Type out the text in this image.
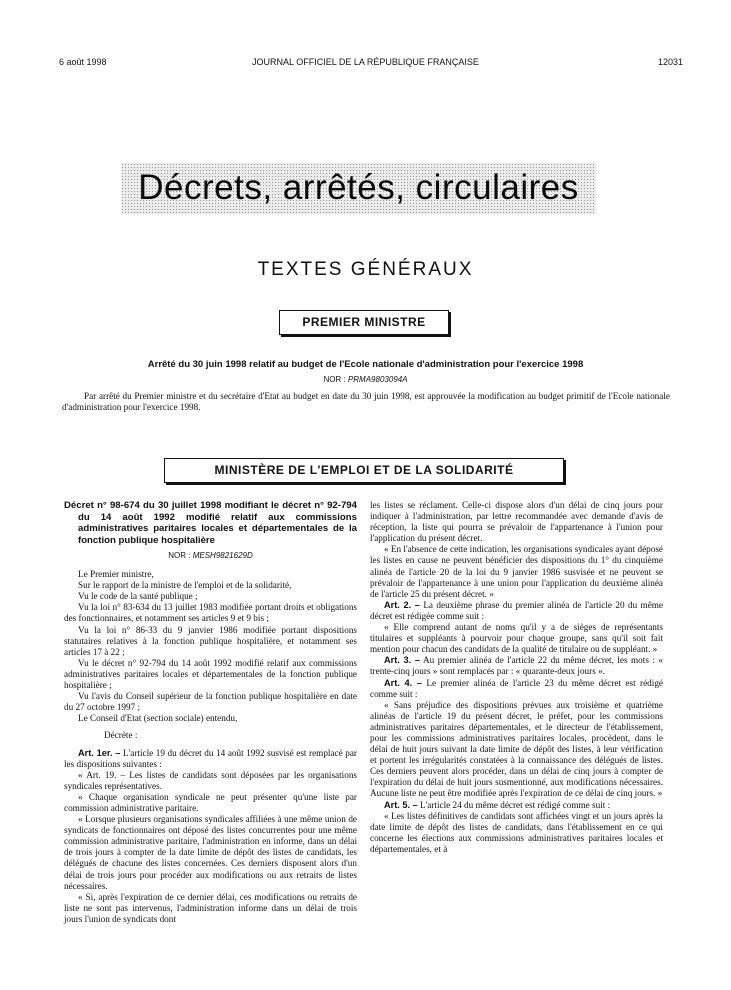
6 août 1998	JOURNAL OFFICIEL DE LA RÉPUBLIQUE FRANÇAISE	12031
Décrets, arrêtés, circulaires
TEXTES GÉNÉRAUX
PREMIER MINISTRE
Arrêté du 30 juin 1998 relatif au budget de l'Ecole nationale d'administration pour l'exercice 1998
NOR : PRMA9803094A
Par arrêté du Premier ministre et du secrétaire d'Etat au budget en date du 30 juin 1998, est approuvée la modification au budget primitif de l'Ecole nationale d'administration pour l'exercice 1998.
MINISTÈRE DE L'EMPLOI ET DE LA SOLIDARITÉ

Décret n° 98-674 du 30 juillet 1998 modifiant le décret n° 92-794 du 14 août 1992 modifié relatif aux commissions administratives paritaires locales et départementales de la fonction publique hospitalière

NOR : MESH9821629D

Le Premier ministre,

Sur le rapport de la ministre de l'emploi et de la solidarité,

Vu le code de la santé publique ;

Vu la loi n° 83-634 du 13 juillet 1983 modifiée portant droits et obligations des fonctionnaires, et notamment ses articles 9 et 9 bis ;

Vu la loi n° 86-33 du 9 janvier 1986 modifiée portant dispositions statutaires relatives à la fonction publique hospitalière, et notamment ses articles 17 à 22 ;

Vu le décret n° 92-794 du 14 août 1992 modifié relatif aux commissions administratives paritaires locales et départementales de la fonction publique hospitalière ;

Vu l'avis du Conseil supérieur de la fonction publique hospitalière en date du 27 octobre 1997 ;

Le Conseil d'Etat (section sociale) entendu,

Décrète :

Art. 1er. – L'article 19 du décret du 14 août 1992 susvisé est remplacé par les dispositions suivantes :

« Art. 19. – Les listes de candidats sont déposées par les organisations syndicales représentatives.

« Chaque organisation syndicale ne peut présenter qu'une liste par commission administrative paritaire.

« Lorsque plusieurs organisations syndicales affiliées à une même union de syndicats de fonctionnaires ont déposé des listes concurrentes pour une même commission administrative paritaire, l'administration en informe, dans un délai de trois jours à compter de la date limite de dépôt des listes de candidats, les délégués de chacune des listes concernées. Ces derniers disposent alors d'un délai de trois jours pour procéder aux modifications ou aux retraits de listes nécessaires.

« Si, après l'expiration de ce dernier délai, ces modifications ou retraits de liste ne sont pas intervenus, l'administration informe dans un délai de trois jours l'union de syndicats dont

les listes se réclament. Celle-ci dispose alors d'un délai de cinq jours pour indiquer à l'administration, par lettre recommandée avec demande d'avis de réception, la liste qui pourra se prévaloir de l'appartenance à l'union pour l'application du présent décret.

« En l'absence de cette indication, les organisations syndicales ayant déposé les listes en cause ne peuvent bénéficier des dispositions du 1° du cinquième alinéa de l'article 20 de la loi du 9 janvier 1986 susvisée et ne peuvent se prévaloir de l'appartenance à une union pour l'application du deuxième alinéa de l'article 25 du présent décret. »

Art. 2. – La deuxième phrase du premier alinéa de l'article 20 du même décret est rédigée comme suit :

« Elle comprend autant de noms qu'il y a de sièges de représentants titulaires et suppléants à pourvoir pour chaque groupe, sans qu'il soit fait mention pour chacun des candidats de la qualité de titulaire ou de suppléant. »

Art. 3. – Au premier alinéa de l'article 22 du même décret, les mots : « trente-cinq jours » sont remplacés par : « quarante-deux jours ».

Art. 4. – Le premier alinéa de l'article 23 du même décret est rédigé comme suit :

« Sans préjudice des dispositions prévues aux troisième et quatrième alinéas de l'article 19 du présent décret, le préfet, pour les commissions administratives paritaires départementales, et le directeur de l'établissement, pour les commissions administratives paritaires locales, procèdent, dans le délai de huit jours suivant la date limite de dépôt des listes, à leur vérification et portent les irrégularités constatées à la connaissance des délégués de listes. Ces derniers peuvent alors procéder, dans un délai de cinq jours à compter de l'expiration du délai de huit jours susmentionné, aux modifications nécessaires. Aucune liste ne peut être modifiée après l'expiration de ce délai de cinq jours. »

Art. 5. – L'article 24 du même décret est rédigé comme suit :

« Les listes définitives de candidats sont affichées vingt et un jours après la date limite de dépôt des listes de candidats, dans l'établissement en ce qui concerne les élections aux commissions administratives paritaires locales et départementales, et à
